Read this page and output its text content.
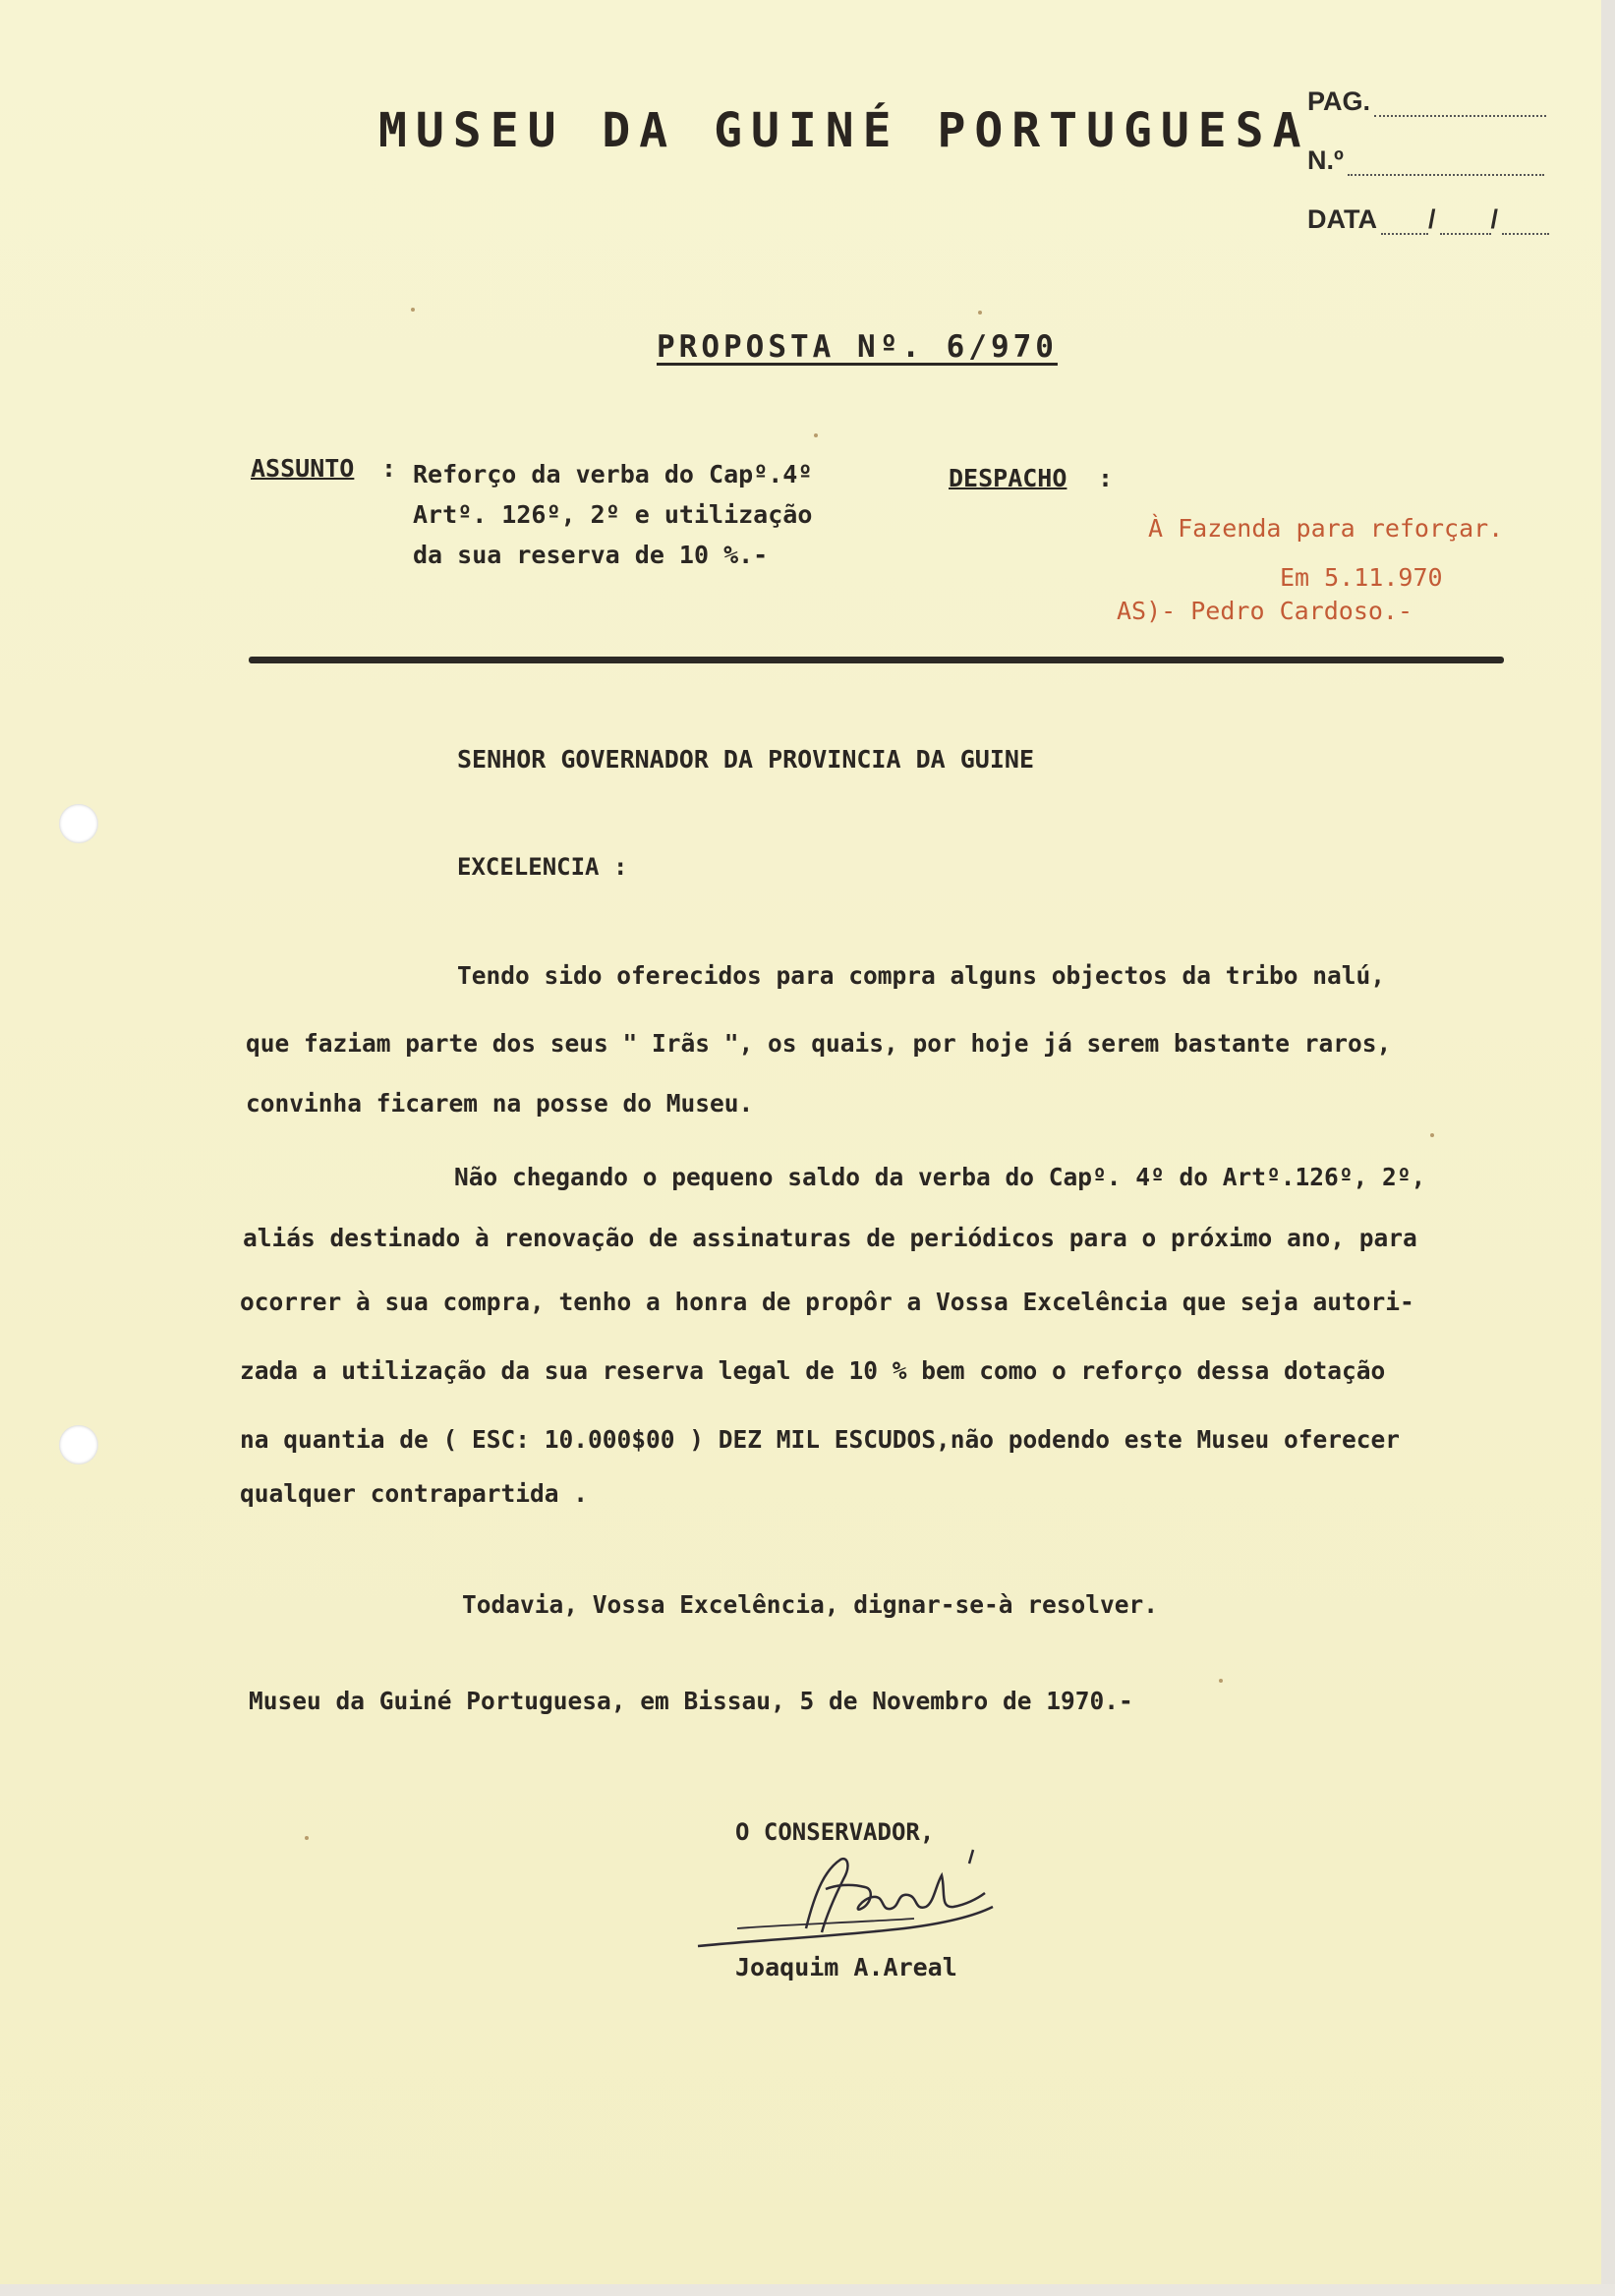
MUSEU DA GUINÉ PORTUGUESA
PAG.
N.º
DATA / /
PROPOSTA Nº. 6/970
ASSUNTO : Reforço da verba do Capº.4º
Artº. 126º, 2º e utilização
da sua reserva de 10 %.-
DESPACHO :
À Fazenda para reforçar.
Em 5.11.970
AS)- Pedro Cardoso.-
SENHOR GOVERNADOR DA PROVINCIA DA GUINE
EXCELENCIA :
Tendo sido oferecidos para compra alguns objectos da tribo nalú,
que faziam parte dos seus " Irãs ", os quais, por hoje já serem bastante raros,
convinha ficarem na posse do Museu.
Não chegando o pequeno saldo da verba do Capº. 4º do Artº.126º, 2º,
aliás destinado à renovação de assinaturas de periódicos para o próximo ano, para
ocorrer à sua compra, tenho a honra de propôr a Vossa Excelência que seja autori-
zada a utilização da sua reserva legal de 10 % bem como o reforço dessa dotação
na quantia de ( ESC: 10.000$00 ) DEZ MIL ESCUDOS,não podendo este Museu oferecer
qualquer contrapartida .
Todavia, Vossa Excelência, dignar-se-à resolver.
Museu da Guiné Portuguesa, em Bissau, 5 de Novembro de 1970.-
O CONSERVADOR,
Joaquim A.Areal
